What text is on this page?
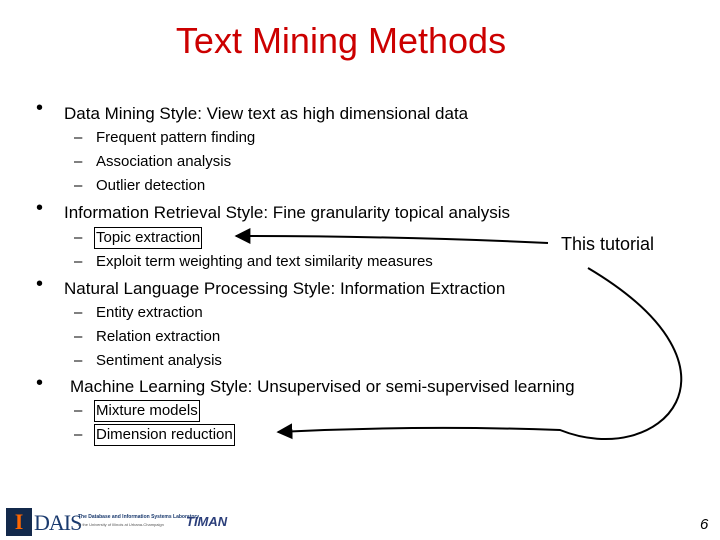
Text Mining Methods
• Data Mining Style: View text as high dimensional data
– Frequent pattern finding
– Association analysis
– Outlier detection
• Information Retrieval Style: Fine granularity topical analysis
– Topic extraction
– Exploit term weighting and text similarity measures
• Natural Language Processing Style: Information Extraction
– Entity extraction
– Relation extraction
– Sentiment analysis
• Machine Learning Style: Unsupervised or semi-supervised learning
– Mixture models
– Dimension reduction
This tutorial
I DAIS
The Database and Information Systems Laboratory
at the University of Illinois at Urbana-Champaign TIMAN	6
